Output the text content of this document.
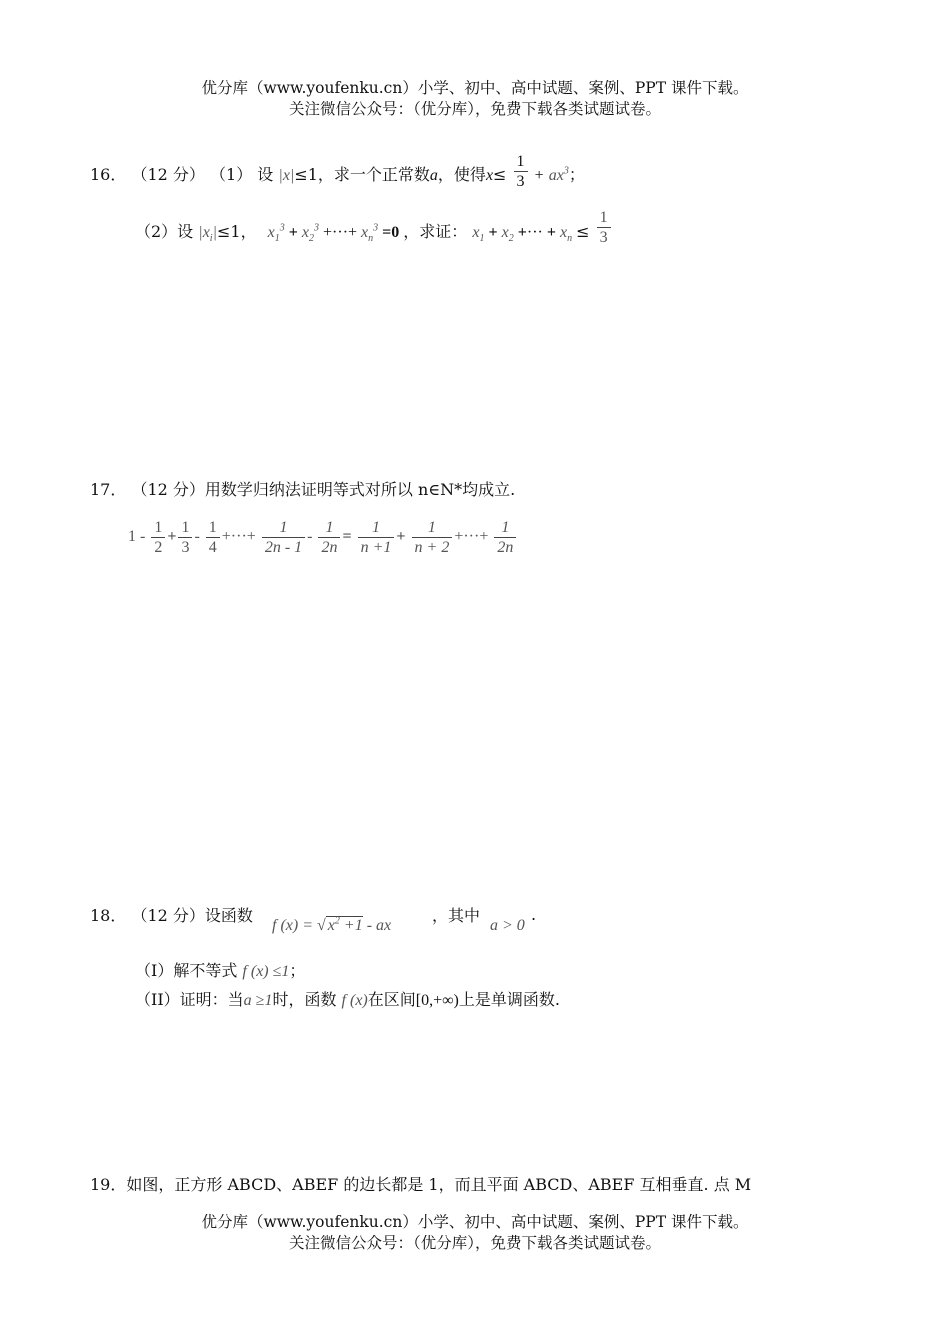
优分库（www.youfenku.cn）小学、初中、高中试题、案例、PPT 课件下载。
关注微信公众号：（优分库），免费下载各类试题试卷。
16． （12 分） （1） 设 |x|≤1，求一个正常数a，使得$x\le \frac{1}{3} + ax^3$；
（2）设 $|x_i|\le 1$， $x_1^3 + x_2^3$ +···+ $x_n^3 =0$ ，求证： $x_1 + x_2$ +··· + $x_n \le \frac{1}{3}$
17． （12 分）用数学归纳法证明等式对所以 n∈N*均成立.
$1 - \frac{1}{2} + \frac{1}{3} - \frac{1}{4}$ +···+ $\frac{1}{2n - 1} - \frac{1}{2n} = \frac{1}{n +1} + \frac{1}{n + 2}$ +···+ $\frac{1}{2n}$
18． （12 分）设函数
f (x) = √ $x^2 +1$ - ax
，其中
a > 0
.
（I）解不等式 f (x) ≤1；
（II）证明：当a ≥1时，函数 f (x)在区间[0,+∞)上是单调函数.
19．如图，正方形 ABCD、ABEF 的边长都是 1，而且平面 ABCD、ABEF 互相垂直. 点 M
优分库（www.youfenku.cn）小学、初中、高中试题、案例、PPT 课件下载。
关注微信公众号：（优分库），免费下载各类试题试卷。
